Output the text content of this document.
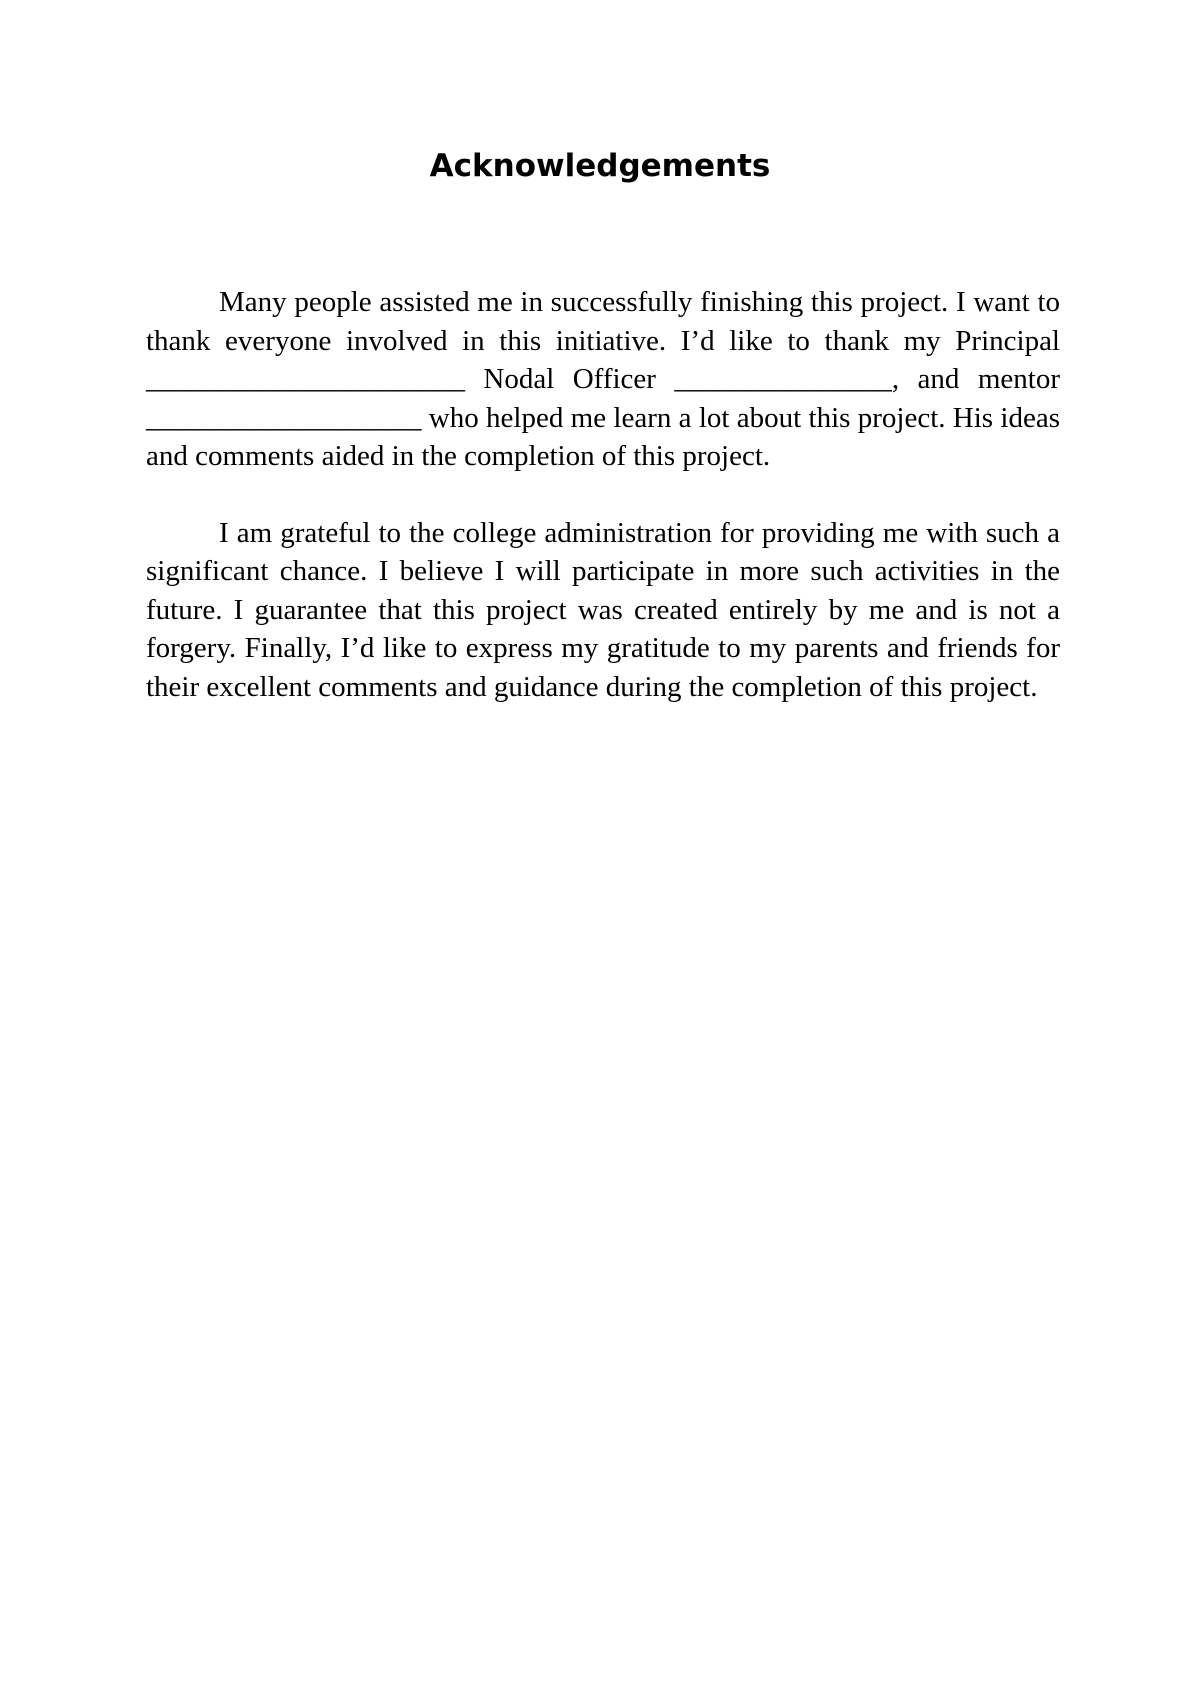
Acknowledgements

Many people assisted me in successfully finishing this project. I want to thank everyone involved in this initiative. I’d like to thank my Principal ______________________ Nodal Officer _______________, and mentor ___________________ who helped me learn a lot about this project. His ideas and comments aided in the completion of this project.

I am grateful to the college administration for providing me with such a significant chance. I believe I will participate in more such activities in the future. I guarantee that this project was created entirely by me and is not a forgery. Finally, I’d like to express my gratitude to my parents and friends for their excellent comments and guidance during the completion of this project.
